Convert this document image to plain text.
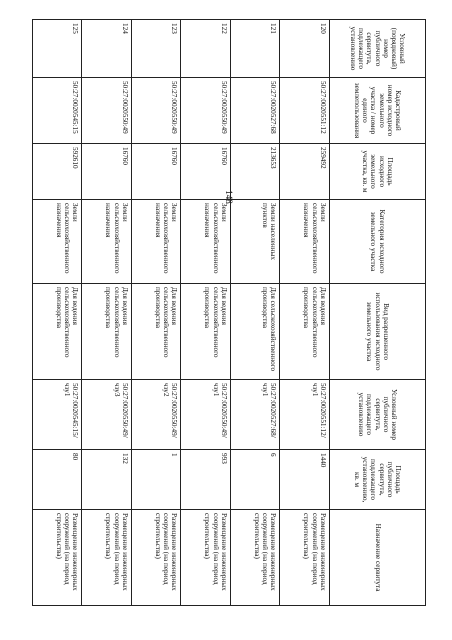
148
Условный (порядковый) номер публичного сервитута, подлежащего установлению	Кадастровый номер исходного земельного участка / номер единого землепользования	Площадь исходного земельного участка, кв. м	Категория исходного земельного участка	Вид разрешенного использования исходного земельного участка	Условный номер публичного сервитута, подлежащего установлению	Площадь публичного сервитута, подлежащего установлению, кв. м	Назначение сервитута
120	50:27:0020551:12	259492	Земли сельскохозяйственного назначения	Для ведения сельскохозяйственного производства	50:27:0020551:12/чзу1	1440	Размещение инженерных сооружений (на период строительства)
121	50:27:0020527:68	213653	Земли населенных пунктов	Для сельскохозяйственного производства	50:27:0020527:68/чзу1	6	Размещение инженерных сооружений (на период строительства)
122	50:27:0020550:49	16760	Земли сельскохозяйственного назначения	Для ведения сельскохозяйственного производства	50:27:0020550:49/чзу1	993	Размещение инженерных сооружений (на период строительства)
123	50:27:0020550:49	16760	Земли сельскохозяйственного назначения	Для ведения сельскохозяйственного производства	50:27:0020550:49/чзу2	1	Размещение инженерных сооружений (на период строительства)
124	50:27:0020550:49	16760	Земли сельскохозяйственного назначения	Для ведения сельскохозяйственного производства	50:27:0020550:49/чзу3	132	Размещение инженерных сооружений (на период строительства)
125	50:27:0020545:15	592610	Земли сельскохозяйственного назначения	Для ведения сельскохозяйственного производства	50:27:0020545:15/чзу1	80	Размещение инженерных сооружений (на период строительства)
